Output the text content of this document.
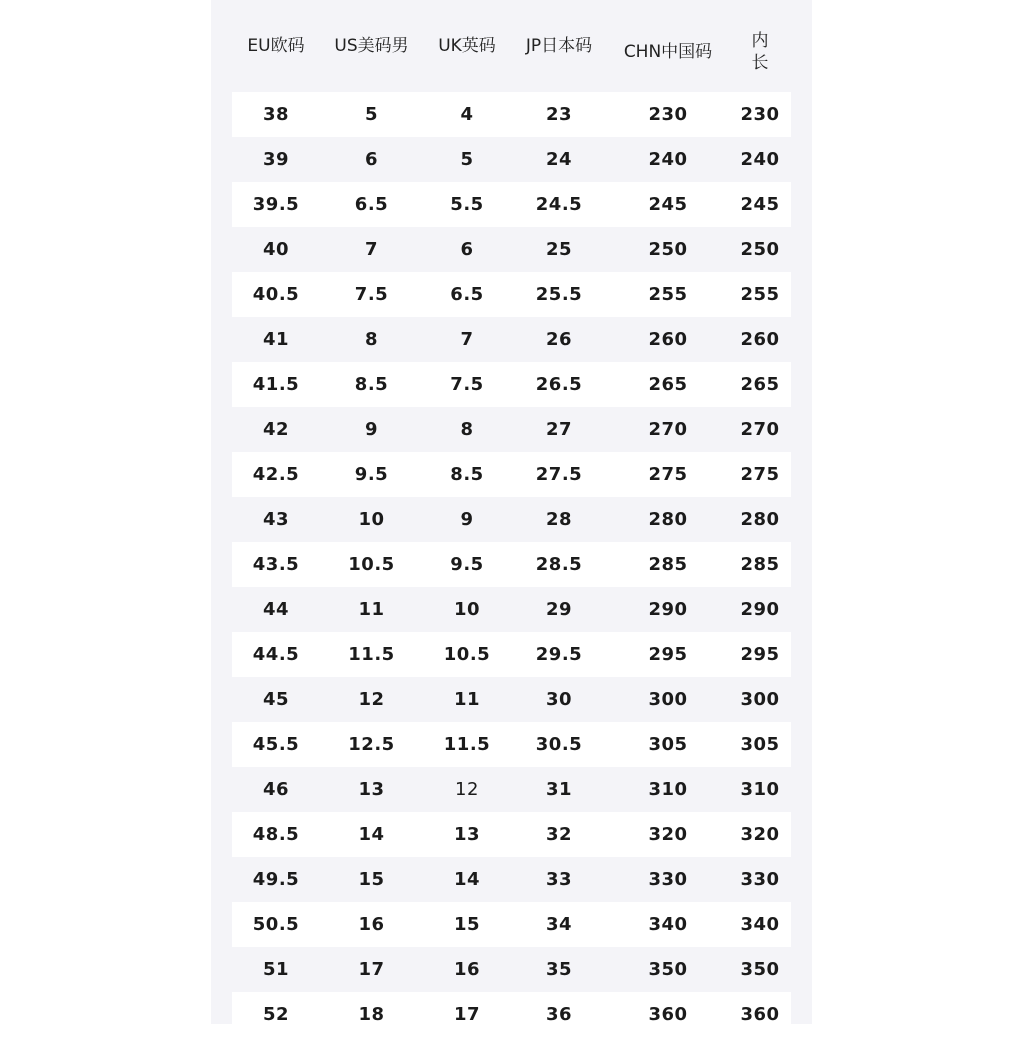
EU欧码	US美码男	UK英码	JP日本码	CHN中国码	内长
38	5	4	23	230	230
39	6	5	24	240	240
39.5	6.5	5.5	24.5	245	245
40	7	6	25	250	250
40.5	7.5	6.5	25.5	255	255
41	8	7	26	260	260
41.5	8.5	7.5	26.5	265	265
42	9	8	27	270	270
42.5	9.5	8.5	27.5	275	275
43	10	9	28	280	280
43.5	10.5	9.5	28.5	285	285
44	11	10	29	290	290
44.5	11.5	10.5	29.5	295	295
45	12	11	30	300	300
45.5	12.5	11.5	30.5	305	305
46	13	12	31	310	310
48.5	14	13	32	320	320
49.5	15	14	33	330	330
50.5	16	15	34	340	340
51	17	16	35	350	350
52	18	17	36	360	360
